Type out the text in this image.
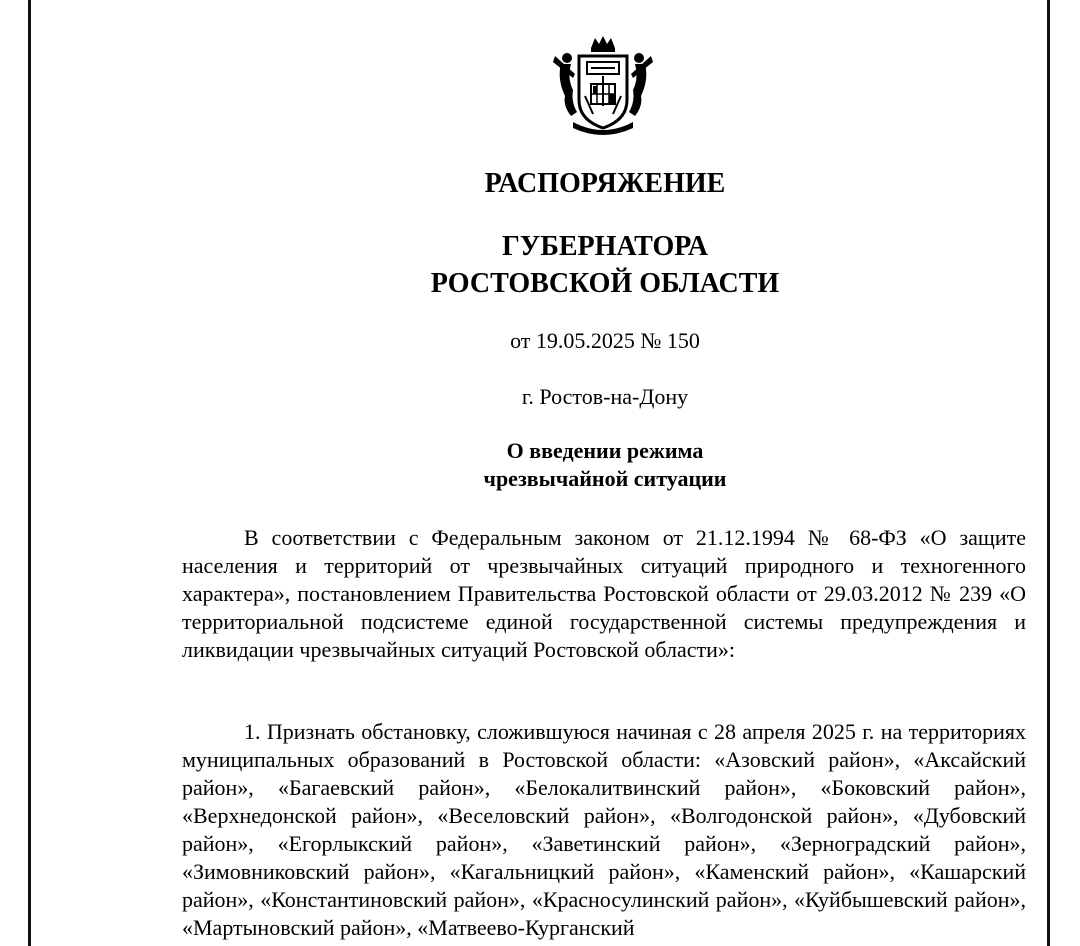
РАСПОРЯЖЕНИЕ
ГУБЕРНАТОРА
РОСТОВСКОЙ ОБЛАСТИ
от 19.05.2025 № 150
г. Ростов-на-Дону
О введении режима
чрезвычайной ситуации
В соответствии с Федеральным законом от 21.12.1994 № 68-ФЗ «О защите населения и территорий от чрезвычайных ситуаций природного и техногенного характера», постановлением Правительства Ростовской области от 29.03.2012 № 239 «О территориальной подсистеме единой государственной системы предупреждения и ликвидации чрезвычайных ситуаций Ростовской области»:
1. Признать обстановку, сложившуюся начиная с 28 апреля 2025 г. на территориях муниципальных образований в Ростовской области: «Азовский район», «Аксайский район», «Багаевский район», «Белокалитвинский район», «Боковский район», «Верхнедонской район», «Веселовский район», «Волгодонской район», «Дубовский район», «Егорлыкский район», «Заветинский район», «Зерноградский район», «Зимовниковский район», «Кагальницкий район», «Каменский район», «Кашарский район», «Константиновский район», «Красносулинский район», «Куйбышевский район», «Мартыновский район», «Матвеево-Курганский
